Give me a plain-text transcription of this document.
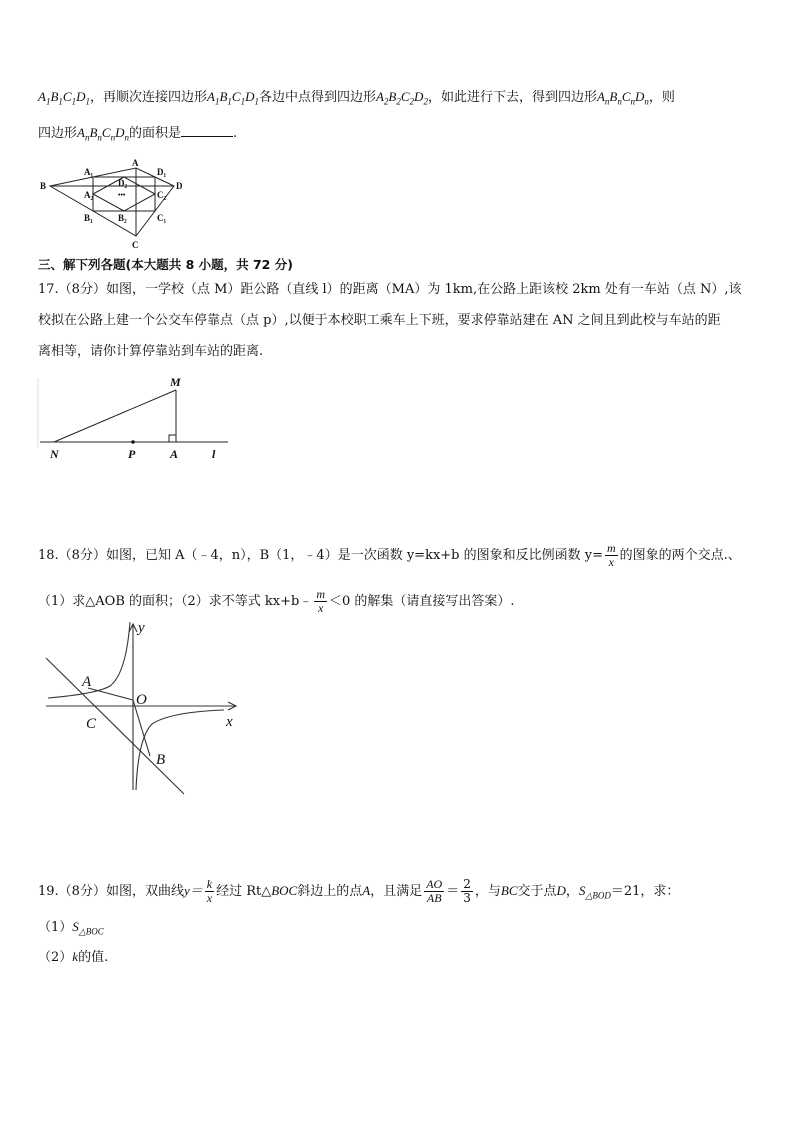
$A_1B_1C_1D_1$，再顺次连接四边形$A_1B_1C_1D_1$各边中点得到四边形$A_2B_2C_2D_2$，如此进行下去，得到四边形$A_nB_nC_nD_n$，则
四边形$A_nB_nC_nD_n$的面积是	.
B
A
D
C
A₁	D₁
A₂
D₂
C₂
B₁	B₂	C₁
•••
三、解下列各题(本大题共 8 小题，共 72 分)
17.（8分）如图，一学校（点 M）距公路（直线 l）的距离（MA）为 1km,在公路上距该校 2km 处有一车站（点 N）,该
校拟在公路上建一个公交车停靠点（点 p）,以便于本校职工乘车上下班，要求停靠站建在 AN 之间且到此校与车站的距
离相等，请你计算停靠站到车站的距离.
M
N	P	A	l
18.（8分）如图，已知 A（﹣4，n），B（1，﹣4）是一次函数 y=kx+b 的图象和反比例函数 $y= \frac{m}{x}$ 的图象的两个交点.、
（1）求△AOB 的面积；（2）求不等式 kx+b﹣ $\frac{m}{x} <0$ 的解集（请直接写出答案）.
y
x
A
O
C
B
19.（8分）如图，双曲线$y= \frac{k}{x}$ 经过 Rt△BOC斜边上的点A，且满足 $\frac{AO}{AB} = \frac{2}{3}$ ，与BC交于点D，$S_{\triangle BOD}=21$，求：
$(1)S_{\triangle BOC}$
（2）k的值.
